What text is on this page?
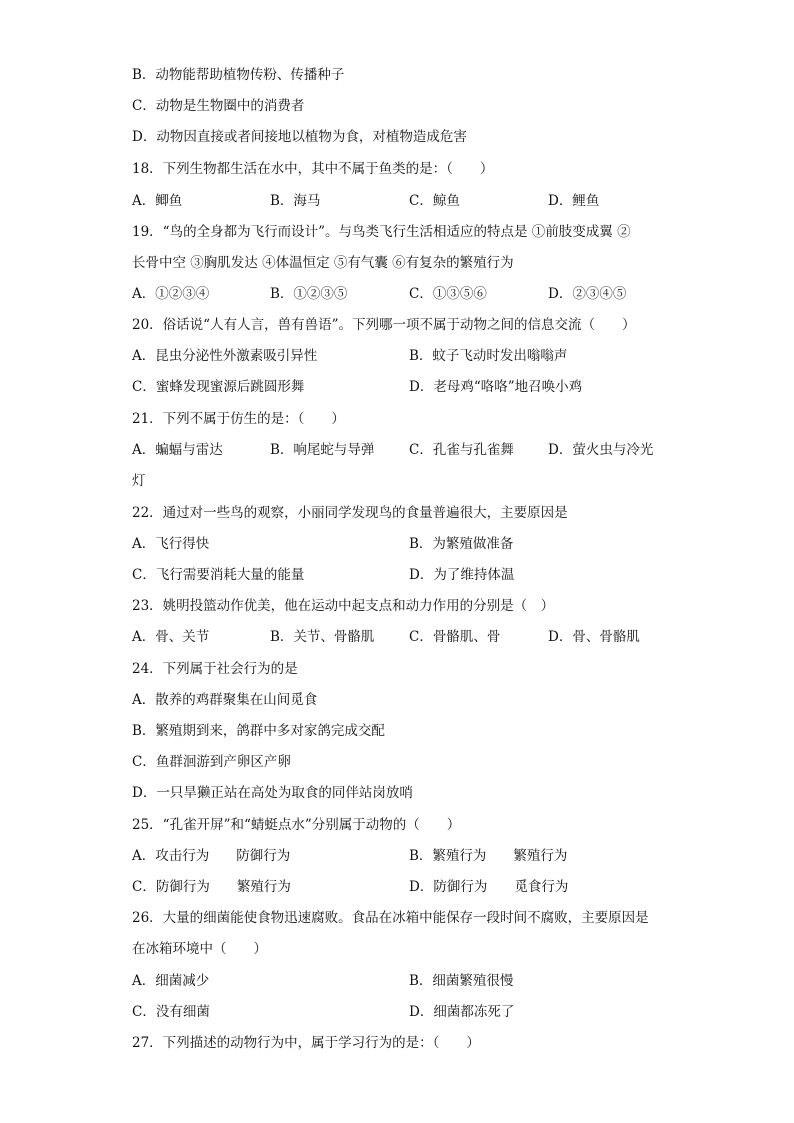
B．动物能帮助植物传粉、传播种子
C．动物是生物圈中的消费者
D．动物因直接或者间接地以植物为食，对植物造成危害
18．下列生物都生活在水中，其中不属于鱼类的是：（　　）
A．鲫鱼	B．海马	C．鲸鱼	D．鲤鱼
19．“鸟的全身都为飞行而设计”。与鸟类飞行生活相适应的特点是 ①前肢变成翼 ②
长骨中空 ③胸肌发达 ④体温恒定 ⑤有气囊 ⑥有复杂的繁殖行为
A．①②③④	B．①②③⑤	C．①③⑤⑥	D．②③④⑤
20．俗话说“人有人言，兽有兽语”。下列哪一项不属于动物之间的信息交流（　　）
A．昆虫分泌性外激素吸引异性	B．蚊子飞动时发出嗡嗡声
C．蜜蜂发现蜜源后跳圆形舞	D．老母鸡“咯咯”地召唤小鸡
21．下列不属于仿生的是：（　　）
A．蝙蝠与雷达	B．响尾蛇与导弹	C．孔雀与孔雀舞	D．萤火虫与冷光
灯
22．通过对一些鸟的观察，小丽同学发现鸟的食量普遍很大，主要原因是
A．飞行得快	B．为繁殖做准备
C．飞行需要消耗大量的能量	D．为了维持体温
23．姚明投篮动作优美，他在运动中起支点和动力作用的分别是（　）
A．骨、关节	B．关节、骨骼肌	C．骨骼肌、骨	D．骨、骨骼肌
24．下列属于社会行为的是
A．散养的鸡群聚集在山间觅食
B．繁殖期到来，鸽群中多对家鸽完成交配
C．鱼群洄游到产卵区产卵
D．一只旱獭正站在高处为取食的同伴站岗放哨
25．“孔雀开屏”和“蜻蜓点水”分别属于动物的（　　）
A．攻击行为　　防御行为	B．繁殖行为　　繁殖行为
C．防御行为　　繁殖行为	D．防御行为　　觅食行为
26．大量的细菌能使食物迅速腐败。食品在冰箱中能保存一段时间不腐败，主要原因是
在冰箱环境中（　　）
A．细菌减少	B．细菌繁殖很慢
C．没有细菌	D．细菌都冻死了
27．下列描述的动物行为中，属于学习行为的是：（　　）
